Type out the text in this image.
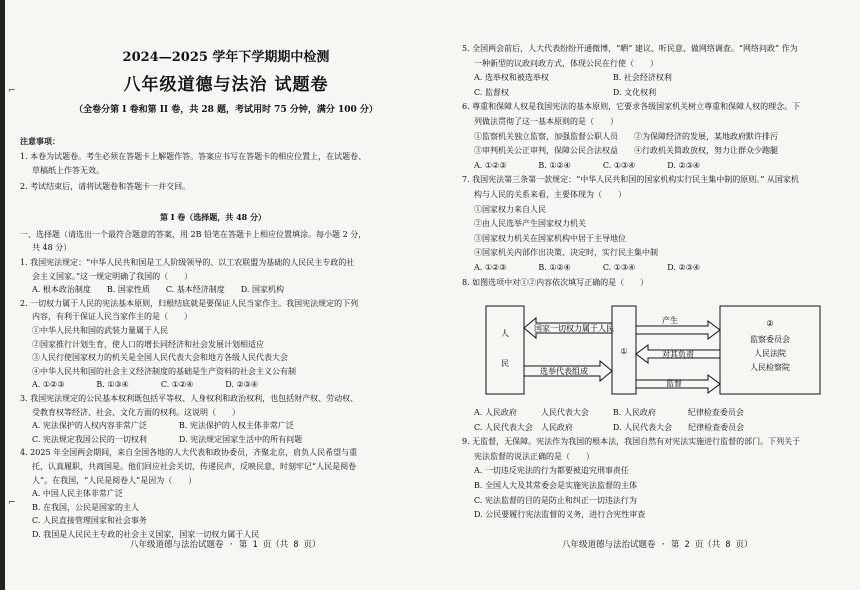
⌐
⌐
2024—2025 学年下学期期中检测
八年级道德与法治 试题卷
（全卷分第 I 卷和第 II 卷，共 28 题，考试用时 75 分钟，满分 100 分）
注意事项：
1. 本卷为试题卷。考生必须在答题卡上解题作答。答案应书写在答题卡的相应位置上，在试题卷、
草稿纸上作答无效。
2. 考试结束后，请将试题卷和答题卡一并交回。
第 I 卷（选择题，共 48 分）
一、选择题（请选出一个最符合题意的答案，用 2B 铅笔在答题卡上相应位置填涂。每小题 2 分，
共 48 分）
1. 我国宪法规定：“中华人民共和国是工人阶级领导的、以工农联盟为基础的人民民主专政的社
会主义国家。”这一规定明确了我国的（　　）
A. 根本政治制度　　B. 国家性质　　C. 基本经济制度　　D. 国家机构
2. 一切权力属于人民的宪法基本原则，归根结底就是要保证人民当家作主。我国宪法规定的下列
内容，有利于保证人民当家作主的是（　　）
①中华人民共和国的武装力量属于人民
②国家推行计划生育，使人口的增长同经济和社会发展计划相适应
③人民行使国家权力的机关是全国人民代表大会和地方各级人民代表大会
④中华人民共和国的社会主义经济制度的基础是生产资料的社会主义公有制
A. ①②③　　　　B. ①③④　　　　C. ①②④　　　　D. ②③④
3. 我国宪法规定的公民基本权利既包括平等权、人身权利和政治权利，也包括财产权、劳动权、
受教育权等经济、社会、文化方面的权利。这说明（　　）
A. 宪法保护的人权内容非常广泛　　　　B. 宪法保护的人权主体非常广泛
C. 宪法规定我国公民的一切权利　　　　D. 宪法规定国家生活中的所有问题
4. 2025 年全国两会期间，来自全国各地的人大代表和政协委员，齐聚北京，肩负人民希望与重
托，认真履职，共商国是。他们回应社会关切，传递民声，反映民意，时刻牢记“人民是阅卷
人”。在我国，“人民是阅卷人”是因为（　　）
A. 中国人民主体非常广泛
B. 在我国，公民是国家的主人
C. 人民直接管理国家和社会事务
D. 我国是人民民主专政的社会主义国家，国家一切权力属于人民
八年级道德与法治试题卷 · 第 1 页（共 8 页）
5. 全国两会前后，人大代表纷纷开通微博，“晒” 建议、听民意、做网络调查。“网络问政” 作为
一种新型的议政问政方式，体现公民在行使（　　）
A. 选举权和被选举权　　　　　　　　B. 社会经济权利
C. 监督权　　　　　　　　　　　　　D. 文化权利
6. 尊重和保障人权是我国宪法的基本原则，它要求各级国家机关树立尊重和保障人权的理念。下
列做法贯彻了这一基本原则的是（　　）
①监察机关独立监察，加强监督公职人员　　②为保障经济的发展，某地政府默许排污
③审判机关公正审判，保障公民合法权益　　④行政机关简政放权，努力让群众少跑腿
A. ①②③　　　　B. ①②④　　　　C. ①③④　　　　D. ②③④
7. 我国宪法第三条第一款规定：“中华人民共和国的国家机构实行民主集中制的原则。” 从国家机
构与人民的关系来看，主要体现为（　　）
①国家权力来自人民
②由人民选举产生国家权力机关
③国家权力机关在国家机构中居于主导地位
④国家机关内部作出决策、决定时，实行民主集中制
A. ①②③　　　　B. ①②④　　　　C. ①③④　　　　D. ②③④
8. 如图选项中对①②内容依次填写正确的是（　　）
人
民
①
国家一切权力属于人民
选举代表组成
②
监察委员会
人民法院
人民检察院
产生
对其负责
监督
A. 人民政府　　　人民代表大会　　　B. 人民政府　　　　纪律检查委员会
C. 人民代表大会　人民政府　　　　　D. 人民代表大会　　纪律检查委员会
9. 无监督，无保障。宪法作为我国的根本法，我国自然有对宪法实施进行监督的部门。下列关于
宪法监督的说法正确的是（　　）
A. 一切违反宪法的行为都要被追究刑事责任
B. 全国人大及其常委会是实施宪法监督的主体
C. 宪法监督的目的是防止和纠正一切违法行为
D. 公民要履行宪法监督的义务，进行合宪性审查
八年级道德与法治试题卷 · 第 2 页（共 8 页）
